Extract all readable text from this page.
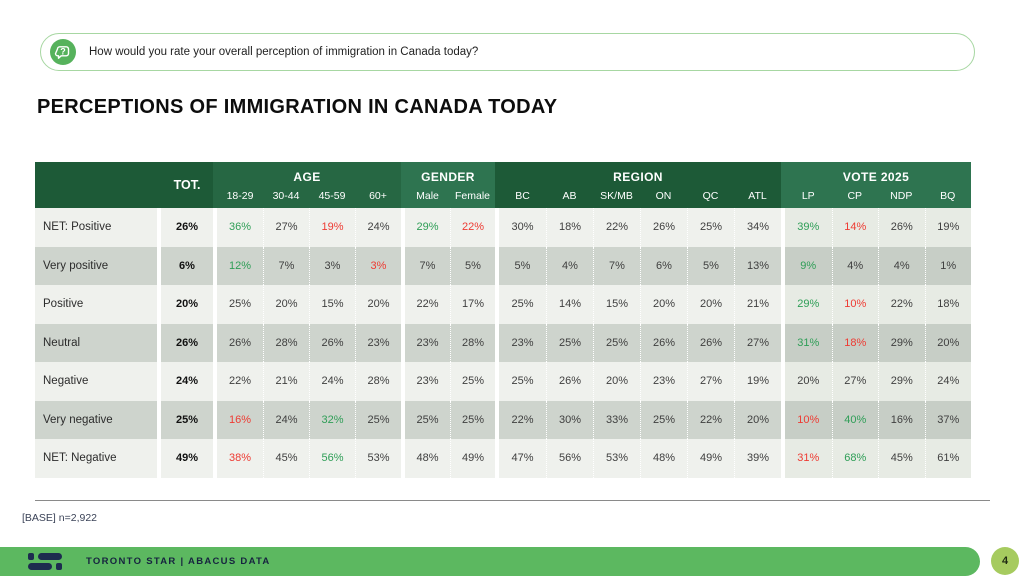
? How would you rate your overall perception of immigration in Canada today?
PERCEPTIONS OF IMMIGRATION IN CANADA TODAY
TOT.
AGE
18-29	30-44	45-59	60+
GENDER
Male	Female
REGION
BC	AB	SK/MB	ON	QC	ATL
VOTE 2025
LP	CP	NDP	BQ
NET: Positive	26%	36%	27%	19%	24%	29%	22%	30%	18%	22%	26%	25%	34%	39%	14%	26%	19%
Very positive	6%	12%	7%	3%	3%	7%	5%	5%	4%	7%	6%	5%	13%	9%	4%	4%	1%
Positive	20%	25%	20%	15%	20%	22%	17%	25%	14%	15%	20%	20%	21%	29%	10%	22%	18%
Neutral	26%	26%	28%	26%	23%	23%	28%	23%	25%	25%	26%	26%	27%	31%	18%	29%	20%
Negative	24%	22%	21%	24%	28%	23%	25%	25%	26%	20%	23%	27%	19%	20%	27%	29%	24%
Very negative	25%	16%	24%	32%	25%	25%	25%	22%	30%	33%	25%	22%	20%	10%	40%	16%	37%
NET: Negative	49%	38%	45%	56%	53%	48%	49%	47%	56%	53%	48%	49%	39%	31%	68%	45%	61%
[BASE] n=2,922
TORONTO STAR | ABACUS DATA	4
